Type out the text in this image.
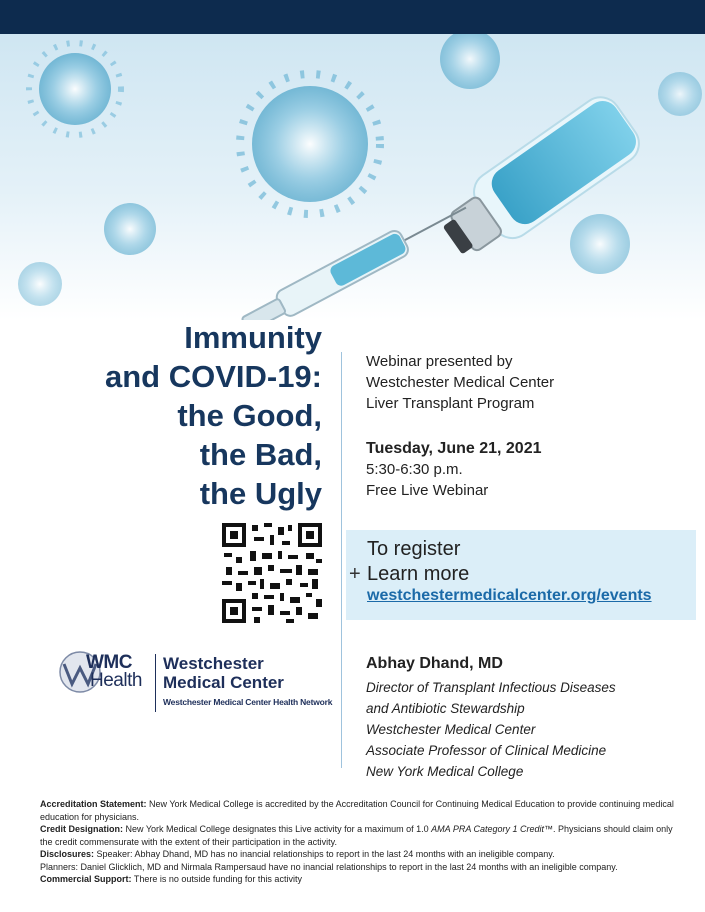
Immunity
and COVID-19:
the Good,
the Bad,
the Ugly
Webinar presented by
Westchester Medical Center
Liver Transplant Program
Tuesday, June 21, 2021
5:30-6:30 p.m.
Free Live Webinar
+
To register
Learn more
westchestermedicalcenter.org/events
WMC
Health
Westchester
Medical Center
Westchester Medical Center Health Network
Abhay Dhand, MD
Director of Transplant Infectious Diseases
and Antibiotic Stewardship
Westchester Medical Center
Associate Professor of Clinical Medicine
New York Medical College

Accreditation Statement: New York Medical College is accredited by the Accreditation Council for Continuing Medical Education to provide continuing medical education for physicians.

Credit Designation: New York Medical College designates this Live activity for a maximum of 1.0 AMA PRA Category 1 Credit™. Physicians should claim only the credit commensurate with the extent of their participation in the activity.

Disclosures: Speaker: Abhay Dhand, MD has no inancial relationships to report in the last 24 months with an ineligible company.

Planners: Daniel Glicklich, MD and Nirmala Rampersaud have no inancial relationships to report in the last 24 months with an ineligible company.

Commercial Support: There is no outside funding for this activity
